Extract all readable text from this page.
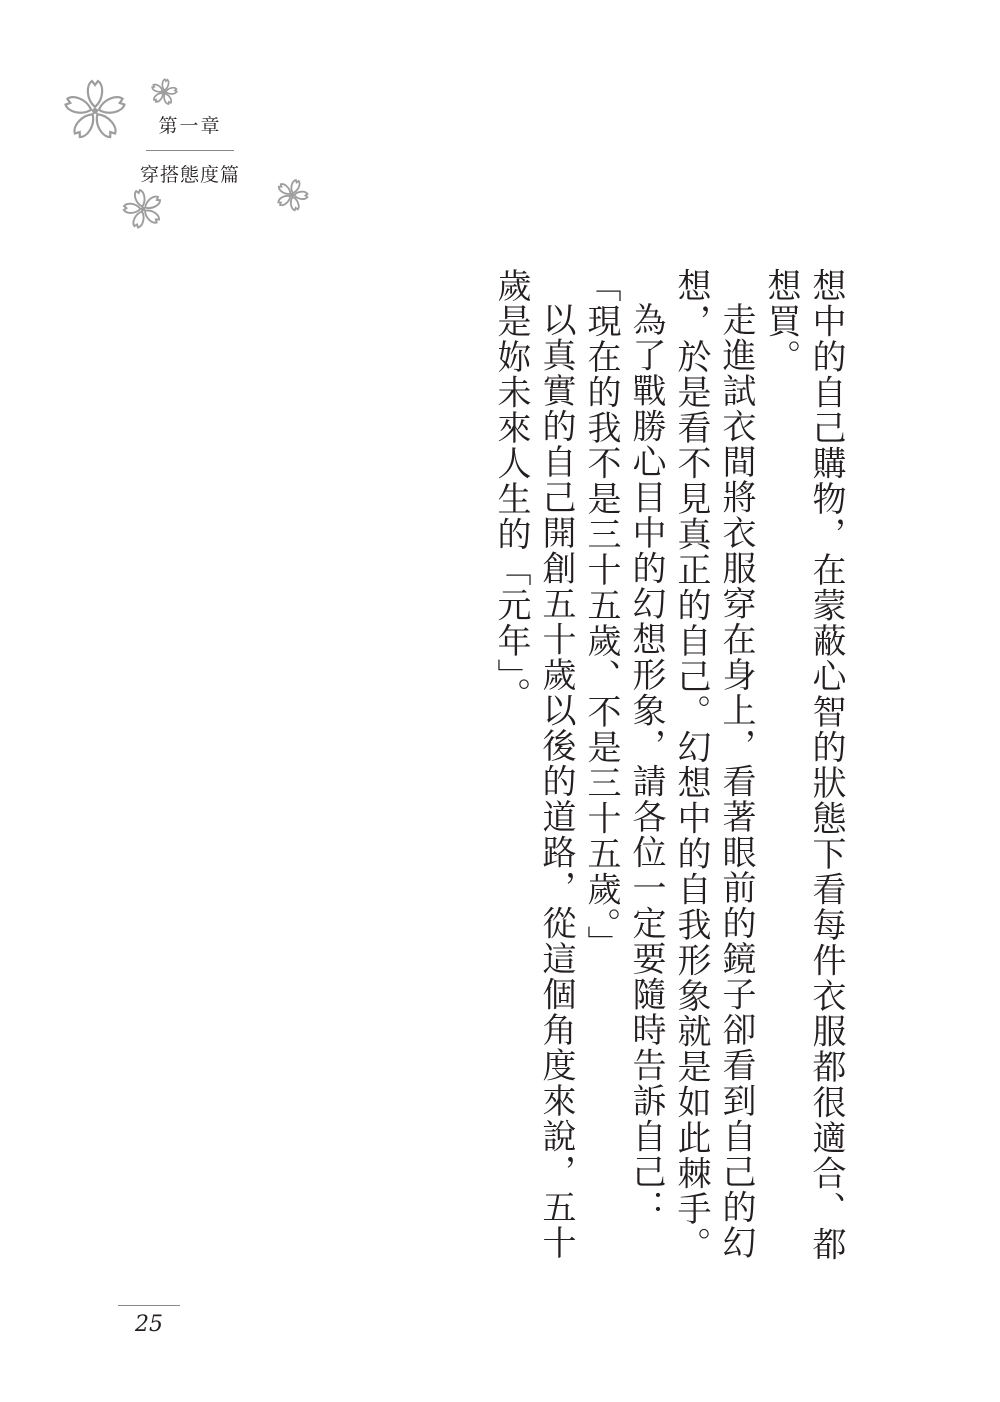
第一章
穿搭態度篇

想中的自己購物，在蒙蔽心智的狀態下看每件衣服都很適合、都想買。

走進試衣間將衣服穿在身上，看著眼前的鏡子卻看到自己的幻想，於是看不見真正的自己。幻想中的自我形象就是如此棘手。

為了戰勝心目中的幻想形象，請各位一定要隨時告訴自己：「現在的我不是三十五歲、不是三十五歲。」

以真實的自己開創五十歲以後的道路，從這個角度來說，五十歲是妳未來人生的「元年」。

25
